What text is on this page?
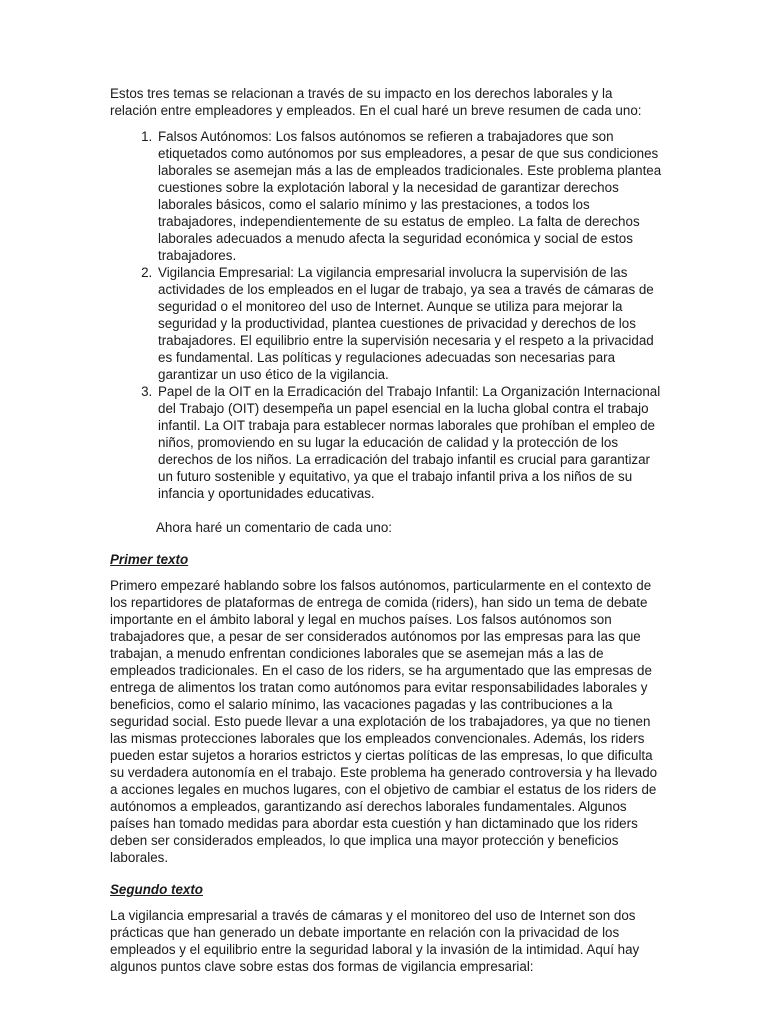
Estos tres temas se relacionan a través de su impacto en los derechos laborales y la relación entre empleadores y empleados. En el cual haré un breve resumen de cada uno:

1. Falsos Autónomos: Los falsos autónomos se refieren a trabajadores que son etiquetados como autónomos por sus empleadores, a pesar de que sus condiciones laborales se asemejan más a las de empleados tradicionales. Este problema plantea cuestiones sobre la explotación laboral y la necesidad de garantizar derechos laborales básicos, como el salario mínimo y las prestaciones, a todos los trabajadores, independientemente de su estatus de empleo. La falta de derechos laborales adecuados a menudo afecta la seguridad económica y social de estos trabajadores.
2. Vigilancia Empresarial: La vigilancia empresarial involucra la supervisión de las actividades de los empleados en el lugar de trabajo, ya sea a través de cámaras de seguridad o el monitoreo del uso de Internet. Aunque se utiliza para mejorar la seguridad y la productividad, plantea cuestiones de privacidad y derechos de los trabajadores. El equilibrio entre la supervisión necesaria y el respeto a la privacidad es fundamental. Las políticas y regulaciones adecuadas son necesarias para garantizar un uso ético de la vigilancia.
3. Papel de la OIT en la Erradicación del Trabajo Infantil: La Organización Internacional del Trabajo (OIT) desempeña un papel esencial en la lucha global contra el trabajo infantil. La OIT trabaja para establecer normas laborales que prohíban el empleo de niños, promoviendo en su lugar la educación de calidad y la protección de los derechos de los niños. La erradicación del trabajo infantil es crucial para garantizar un futuro sostenible y equitativo, ya que el trabajo infantil priva a los niños de su infancia y oportunidades educativas.

Ahora haré un comentario de cada uno:

Primer texto

Primero empezaré hablando sobre los falsos autónomos, particularmente en el contexto de los repartidores de plataformas de entrega de comida (riders), han sido un tema de debate importante en el ámbito laboral y legal en muchos países. Los falsos autónomos son trabajadores que, a pesar de ser considerados autónomos por las empresas para las que trabajan, a menudo enfrentan condiciones laborales que se asemejan más a las de empleados tradicionales. En el caso de los riders, se ha argumentado que las empresas de entrega de alimentos los tratan como autónomos para evitar responsabilidades laborales y beneficios, como el salario mínimo, las vacaciones pagadas y las contribuciones a la seguridad social. Esto puede llevar a una explotación de los trabajadores, ya que no tienen las mismas protecciones laborales que los empleados convencionales. Además, los riders pueden estar sujetos a horarios estrictos y ciertas políticas de las empresas, lo que dificulta su verdadera autonomía en el trabajo. Este problema ha generado controversia y ha llevado a acciones legales en muchos lugares, con el objetivo de cambiar el estatus de los riders de autónomos a empleados, garantizando así derechos laborales fundamentales. Algunos países han tomado medidas para abordar esta cuestión y han dictaminado que los riders deben ser considerados empleados, lo que implica una mayor protección y beneficios laborales.

Segundo texto

La vigilancia empresarial a través de cámaras y el monitoreo del uso de Internet son dos prácticas que han generado un debate importante en relación con la privacidad de los empleados y el equilibrio entre la seguridad laboral y la invasión de la intimidad. Aquí hay algunos puntos clave sobre estas dos formas de vigilancia empresarial:
